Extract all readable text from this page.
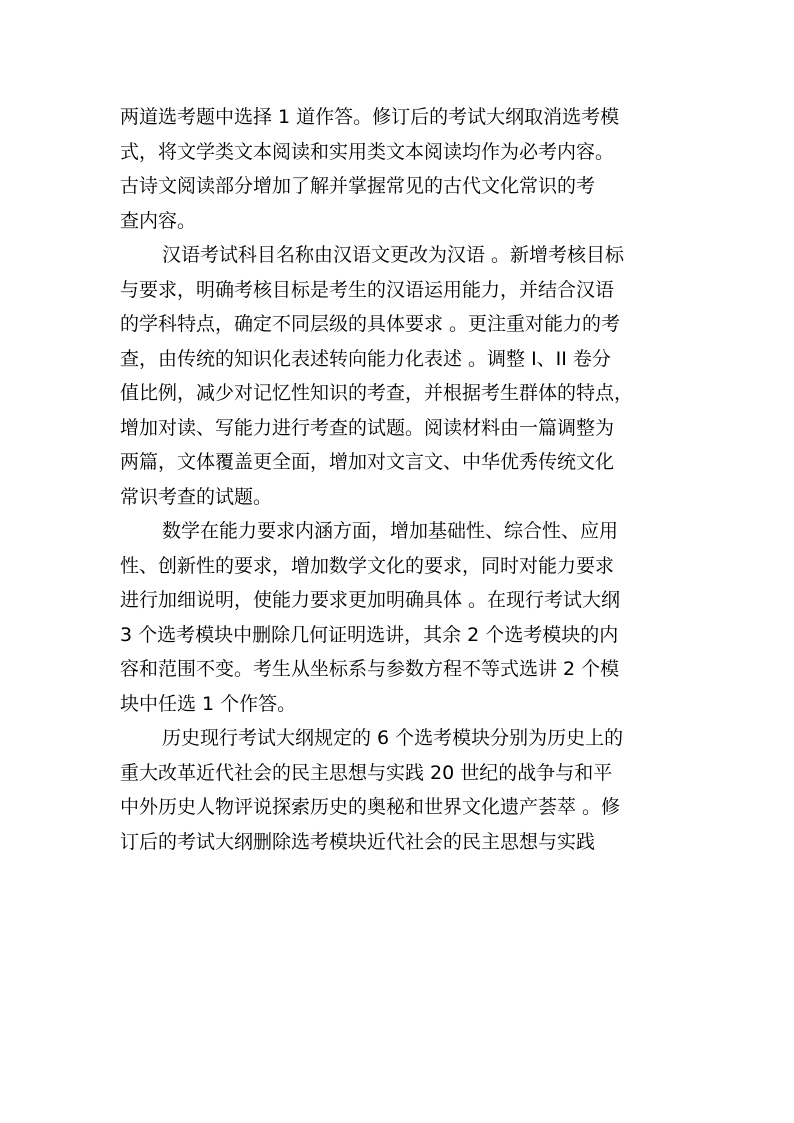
两道选考题中选择 1 道作答。修订后的考试大纲取消选考模
式，将文学类文本阅读和实用类文本阅读均作为必考内容。
古诗文阅读部分增加了解并掌握常见的古代文化常识的考
查内容。
汉语考试科目名称由汉语文更改为汉语 。新增考核目标
与要求，明确考核目标是考生的汉语运用能力，并结合汉语
的学科特点，确定不同层级的具体要求 。更注重对能力的考
查，由传统的知识化表述转向能力化表述 。调整 I、II 卷分
值比例，减少对记忆性知识的考查，并根据考生群体的特点，
增加对读、写能力进行考查的试题。阅读材料由一篇调整为
两篇，文体覆盖更全面，增加对文言文、中华优秀传统文化
常识考查的试题。
数学在能力要求内涵方面，增加基础性、综合性、应用
性、创新性的要求，增加数学文化的要求，同时对能力要求
进行加细说明，使能力要求更加明确具体 。在现行考试大纲
3 个选考模块中删除几何证明选讲，其余 2 个选考模块的内
容和范围不变。考生从坐标系与参数方程不等式选讲 2 个模
块中任选 1 个作答。
历史现行考试大纲规定的 6 个选考模块分别为历史上的
重大改革近代社会的民主思想与实践 20 世纪的战争与和平
中外历史人物评说探索历史的奥秘和世界文化遗产荟萃 。修
订后的考试大纲删除选考模块近代社会的民主思想与实践
